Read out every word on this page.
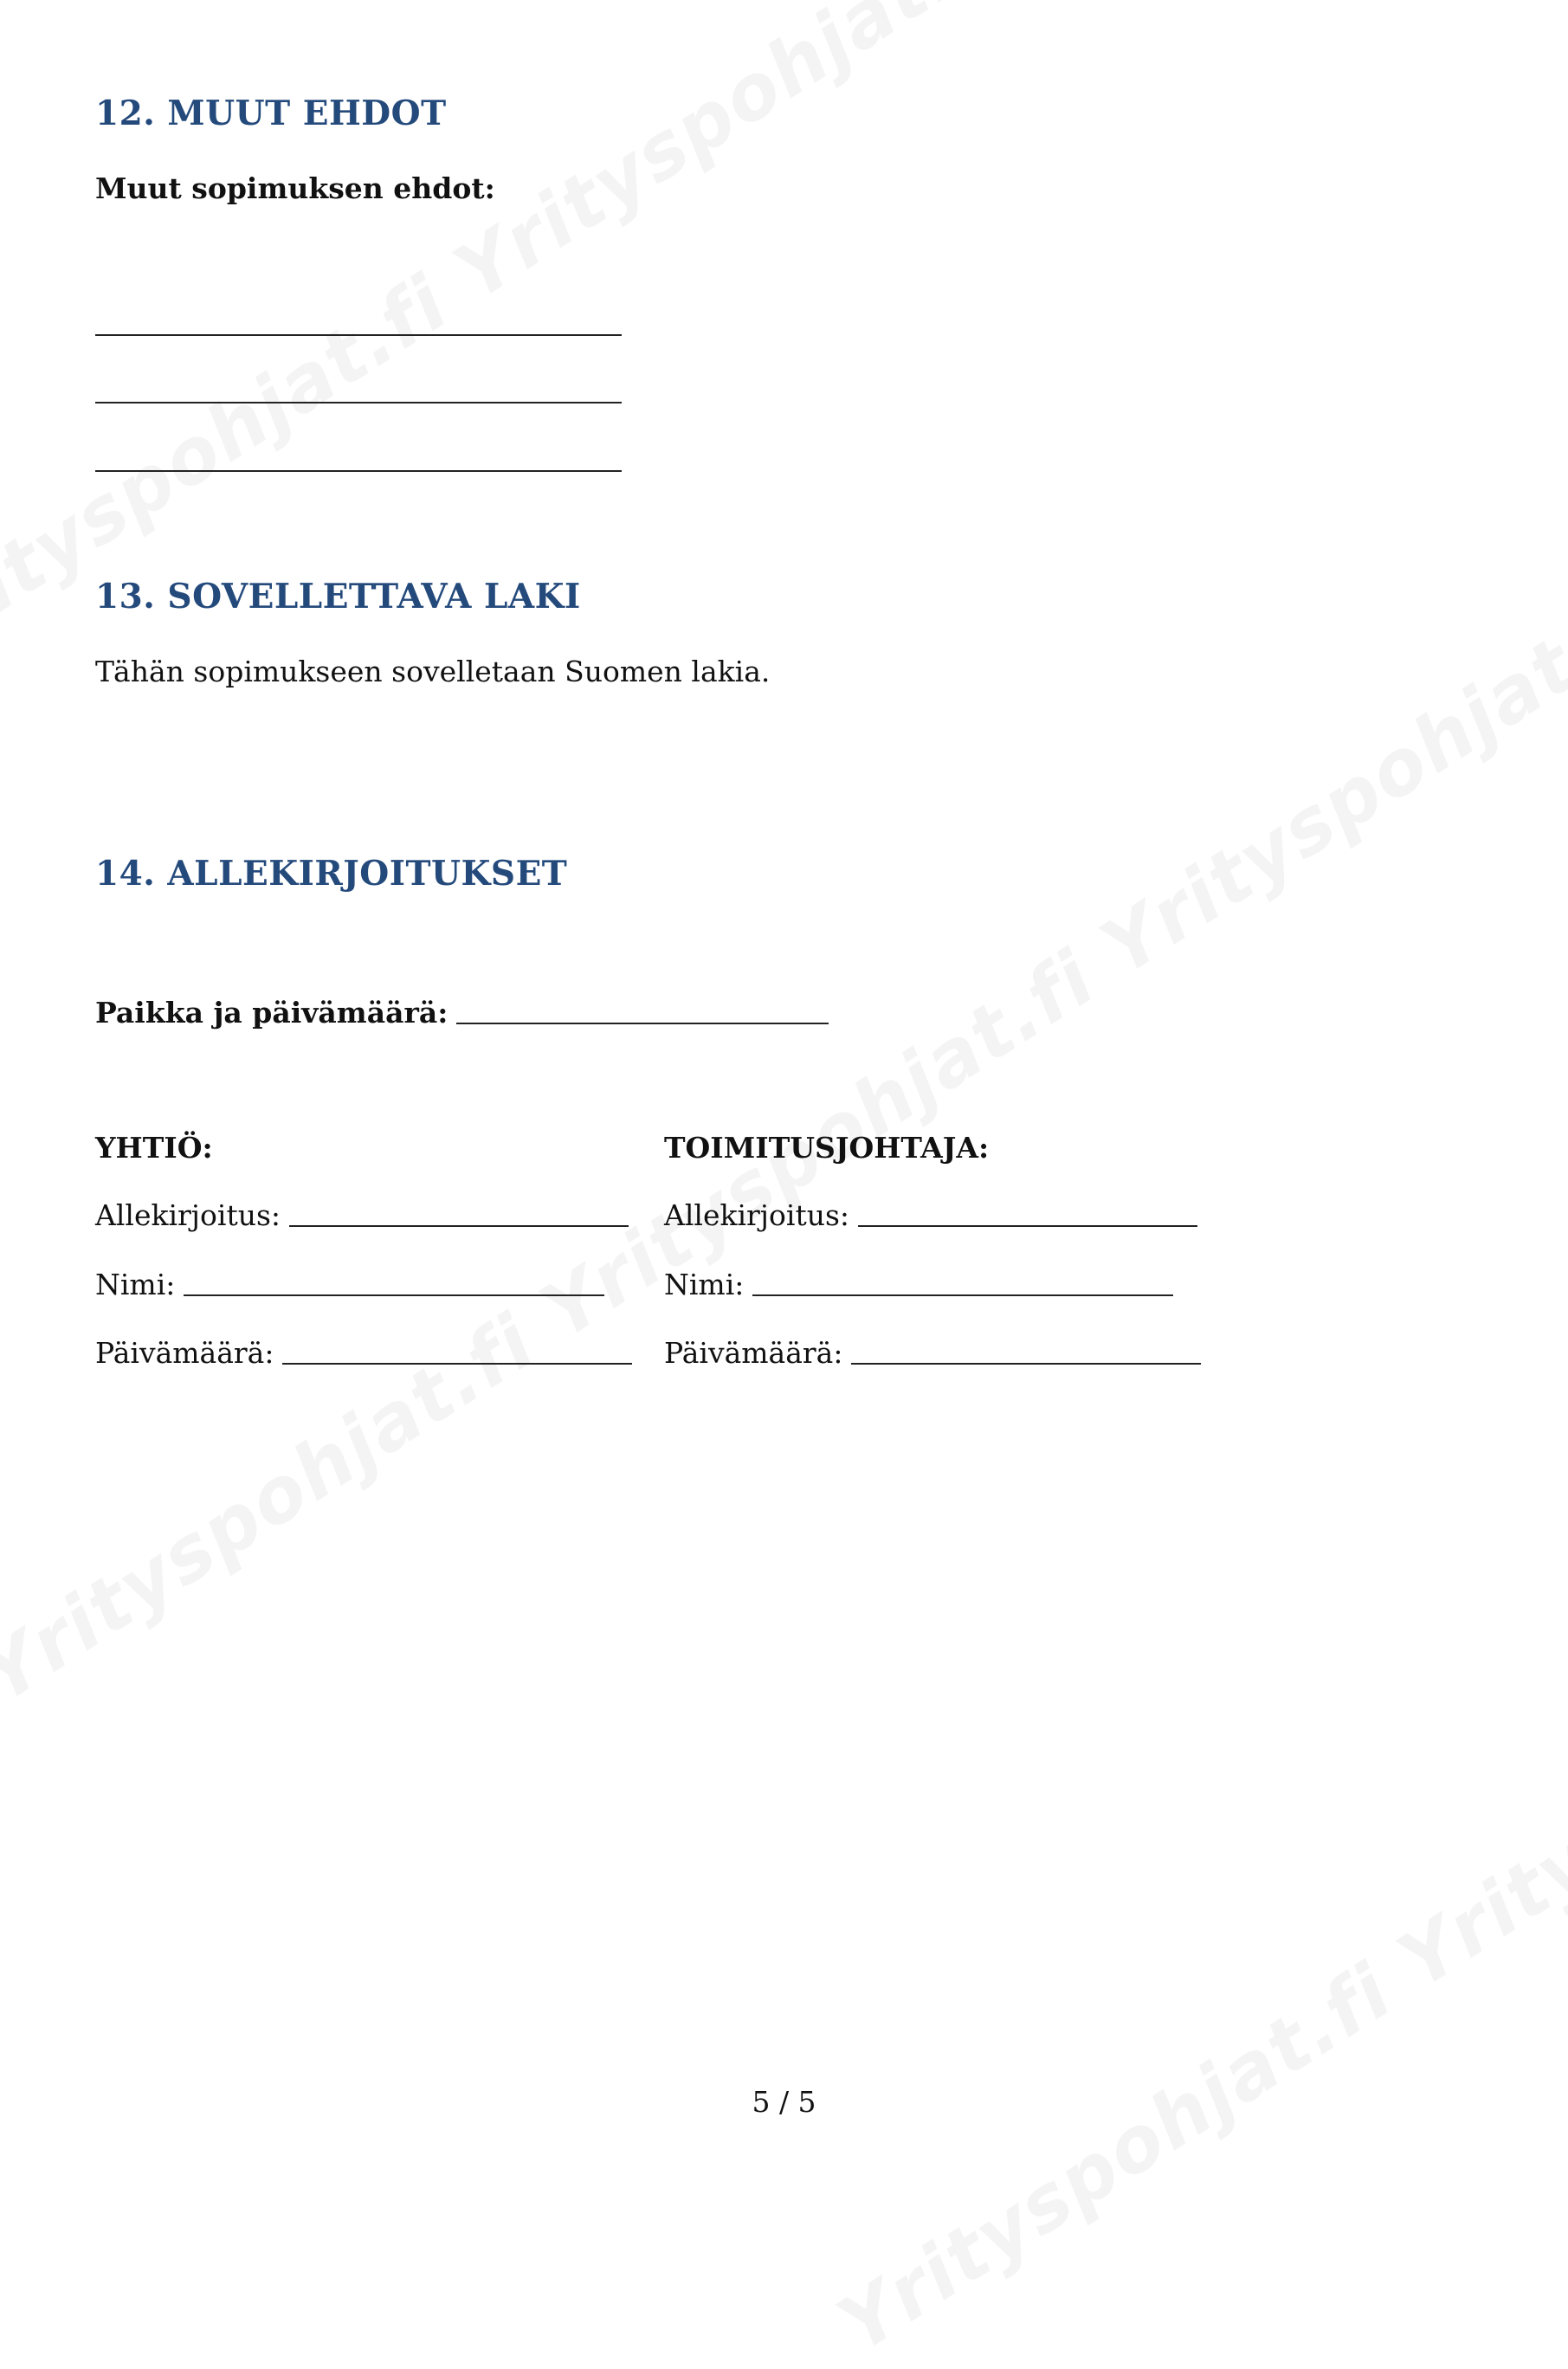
12. MUUT EHDOT
Muut sopimuksen ehdot:
13. SOVELLETTAVA LAKI
Tähän sopimukseen sovelletaan Suomen lakia.
14. ALLEKIRJOITUKSET
Paikka ja päivämäärä:
YHTIÖ:
Allekirjoitus:
Nimi:
Päivämäärä:
TOIMITUSJOHTAJA:
Allekirjoitus:
Nimi:
Päivämäärä:
5 / 5
